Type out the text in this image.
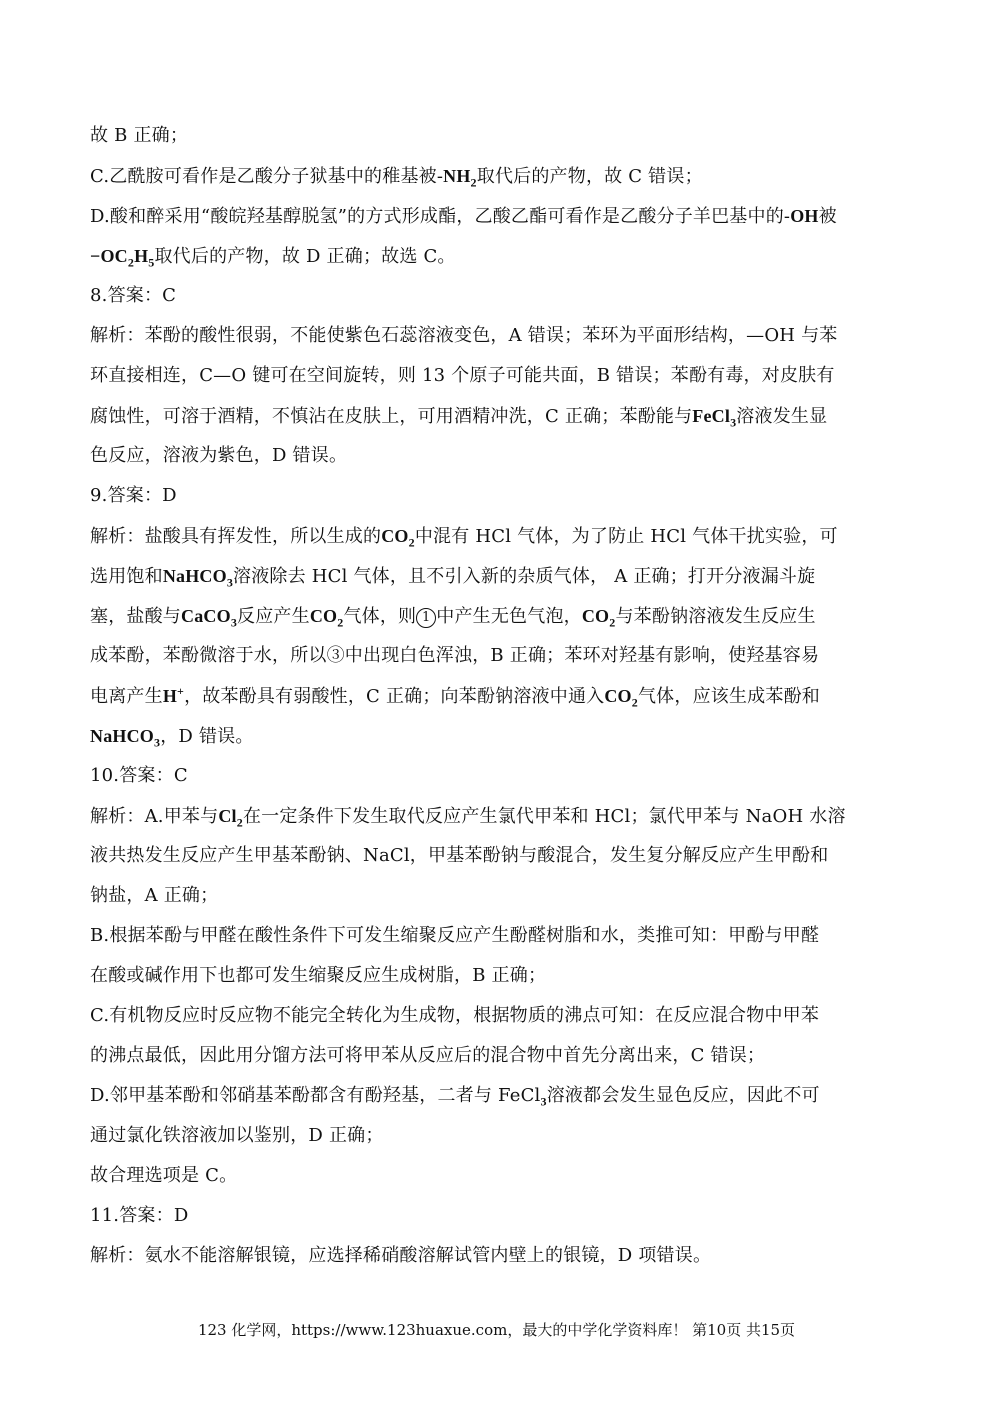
故 B 正确；
C.乙酰胺可看作是乙酸分子狱基中的稚基被$-NH_2$取代后的产物，故 C 错误；
D.酸和醉采用“酸皖羟基醇脱氢”的方式形成酯，乙酸乙酯可看作是乙酸分子羊巴基中的-OH被
$-OC_2H_5$取代后的产物，故 D 正确；故选 C。
8.答案：C
解析：苯酚的酸性很弱，不能使紫色石蕊溶液变色，A 错误；苯环为平面形结构，—OH 与苯
环直接相连，C—O 键可在空间旋转，则 13 个原子可能共面，B 错误；苯酚有毒，对皮肤有
腐蚀性，可溶于酒精，不慎沾在皮肤上，可用酒精冲洗，C 正确；苯酚能与FeCl$_3$溶液发生显
色反应，溶液为紫色，D 错误。
9.答案：D
解析：盐酸具有挥发性，所以生成的$CO_2$中混有 HCl 气体，为了防止 HCl 气体干扰实验，可
选用饱和NaHCO$_3$溶液除去 HCl 气体，且不引入新的杂质气体， A 正确；打开分液漏斗旋
塞，盐酸与CaCO$_3$反应产生$CO_2$气体，则 1 中产生无色气泡，$CO_2$与苯酚钠溶液发生反应生
成苯酚，苯酚微溶于水，所以③中出现白色浑浊，B 正确；苯环对羟基有影响，使羟基容易
电离产生H+，故苯酚具有弱酸性，C 正确；向苯酚钠溶液中通入$CO_2$气体，应该生成苯酚和
NaHCO$_3$，D 错误。
10.答案：C
解析：A.甲苯与$Cl_2$在一定条件下发生取代反应产生氯代甲苯和 HCl；氯代甲苯与 NaOH 水溶
液共热发生反应产生甲基苯酚钠、NaCl，甲基苯酚钠与酸混合，发生复分解反应产生甲酚和
钠盐，A 正确；
B.根据苯酚与甲醛在酸性条件下可发生缩聚反应产生酚醛树脂和水，类推可知：甲酚与甲醛
在酸或碱作用下也都可发生缩聚反应生成树脂，B 正确；
C.有机物反应时反应物不能完全转化为生成物，根据物质的沸点可知：在反应混合物中甲苯
的沸点最低，因此用分馏方法可将甲苯从反应后的混合物中首先分离出来，C 错误；
D.邻甲基苯酚和邻硝基苯酚都含有酚羟基，二者与 FeCl$_3$溶液都会发生显色反应，因此不可
通过氯化铁溶液加以鉴别，D 正确；
故合理选项是 C。
11.答案：D
解析：氨水不能溶解银镜，应选择稀硝酸溶解试管内壁上的银镜，D 项错误。
123 化学网，https://www.123huaxue.com，最大的中学化学资料库！ 第10页 共15页
